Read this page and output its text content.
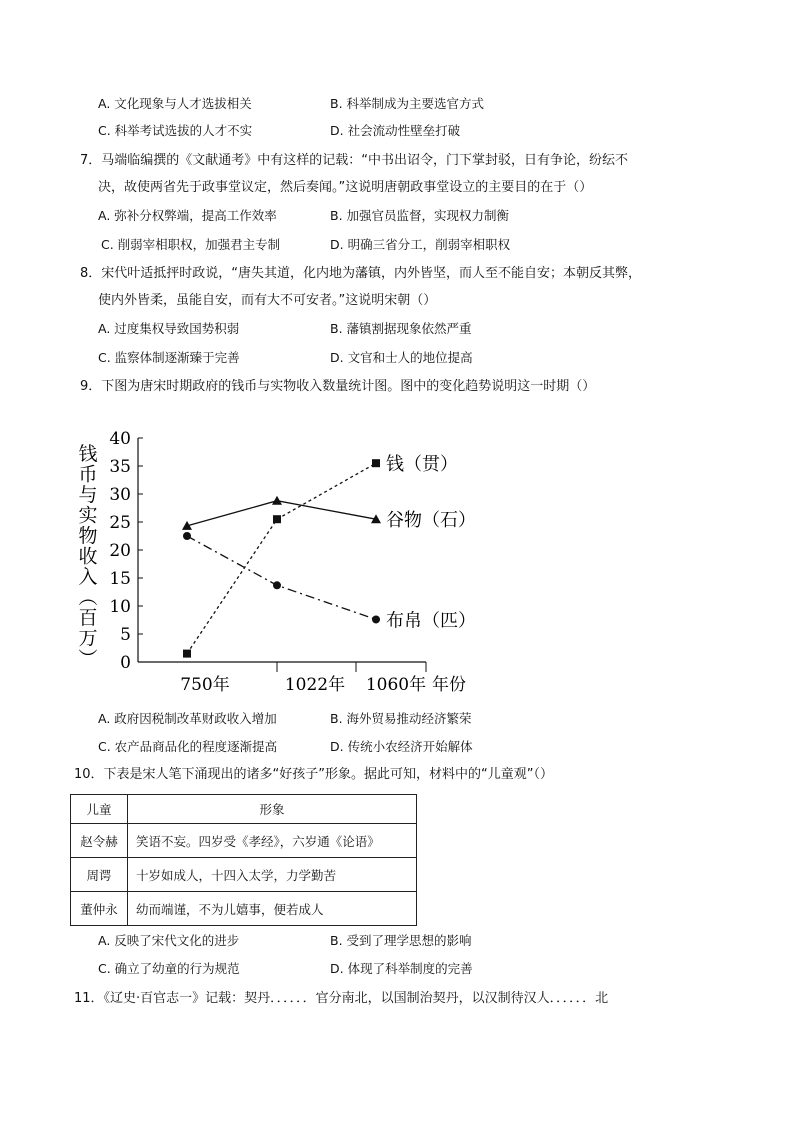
A. 文化现象与人才选拔相关	B. 科举制成为主要选官方式
C. 科举考试选拔的人才不实	D. 社会流动性壁垒打破
7．马端临编撰的《文献通考》中有这样的记载：“中书出诏令，门下掌封驳，日有争论，纷纭不
决，故使两省先于政事堂议定，然后奏闻。”这说明唐朝政事堂设立的主要目的在于（）
A. 弥补分权弊端，提高工作效率	B. 加强官员监督，实现权力制衡
C. 削弱宰相职权，加强君主专制	D. 明确三省分工，削弱宰相职权
8．宋代叶适抵抨时政说，“唐失其道，化内地为藩镇，内外皆坚，而人至不能自安；本朝反其弊，
使内外皆柔，虽能自安，而有大不可安者。”这说明宋朝（）
A. 过度集权导致国势积弱	B. 藩镇割据现象依然严重
C. 监察体制逐渐臻于完善	D. 文官和士人的地位提高
9．下图为唐宋时期政府的钱币与实物收入数量统计图。图中的变化趋势说明这一时期（）
钱
币
与
实
物
收
入
︵
百
万
︶ 0
5
10
15
20
25
30
35
40
750年	1022年 1060年 年份
钱（贯）
谷物（石）
布帛（匹）
A. 政府因税制改革财政收入增加	B. 海外贸易推动经济繁荣
C. 农产品商品化的程度逐渐提高	D. 传统小农经济开始解体
10．下表是宋人笔下涌现出的诸多“好孩子”形象。据此可知，材料中的“儿童观”（）
儿童	形象
赵令赫	笑语不妄。四岁受《孝经》，六岁通《论语》
周谔	十岁如成人，十四入太学，力学勤苦
董仲永	幼而端谨，不为儿嬉事，便若成人
A. 反映了宋代文化的进步	B. 受到了理学思想的影响
C. 确立了幼童的行为规范	D. 体现了科举制度的完善
11．《辽史·百官志一》记载：契丹．．．．．．官分南北，以国制治契丹，以汉制待汉人．．．．．．北
